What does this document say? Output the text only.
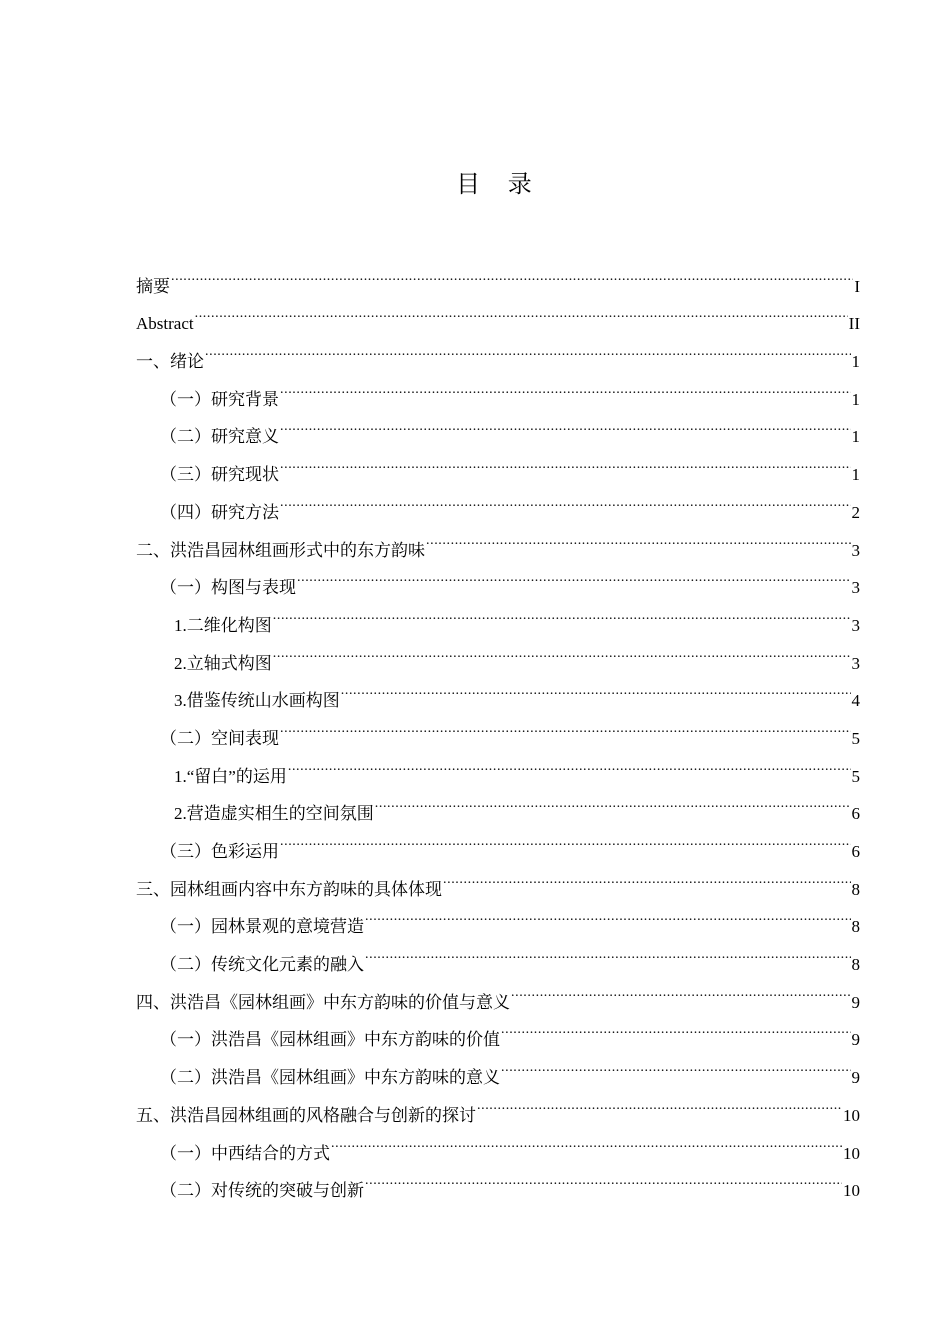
目 录
摘要 .....	I
Abstract .....	II
一、绪论 .....	1
（一）研究背景 .....	1
（二）研究意义 .....	1
（三）研究现状 .....	1
（四）研究方法 .....	2
二、洪浩昌园林组画形式中的东方韵味 .....	3
（一）构图与表现 .....	3
1.二维化构图 .....	3
2.立轴式构图 .....	3
3.借鉴传统山水画构图 .....	4
（二）空间表现 .....	5
1.“留白”的运用 .....	5
2.营造虚实相生的空间氛围 .....	6
（三）色彩运用 .....	6
三、园林组画内容中东方韵味的具体体现 .....	8
（一）园林景观的意境营造 .....	8
（二）传统文化元素的融入 .....	8
四、洪浩昌《园林组画》中东方韵味的价值与意义 .....	9
（一）洪浩昌《园林组画》中东方韵味的价值 .....	9
（二）洪浩昌《园林组画》中东方韵味的意义 .....	9
五、洪浩昌园林组画的风格融合与创新的探讨 .....	10
（一）中西结合的方式 .....	10
（二）对传统的突破与创新 .....	10
